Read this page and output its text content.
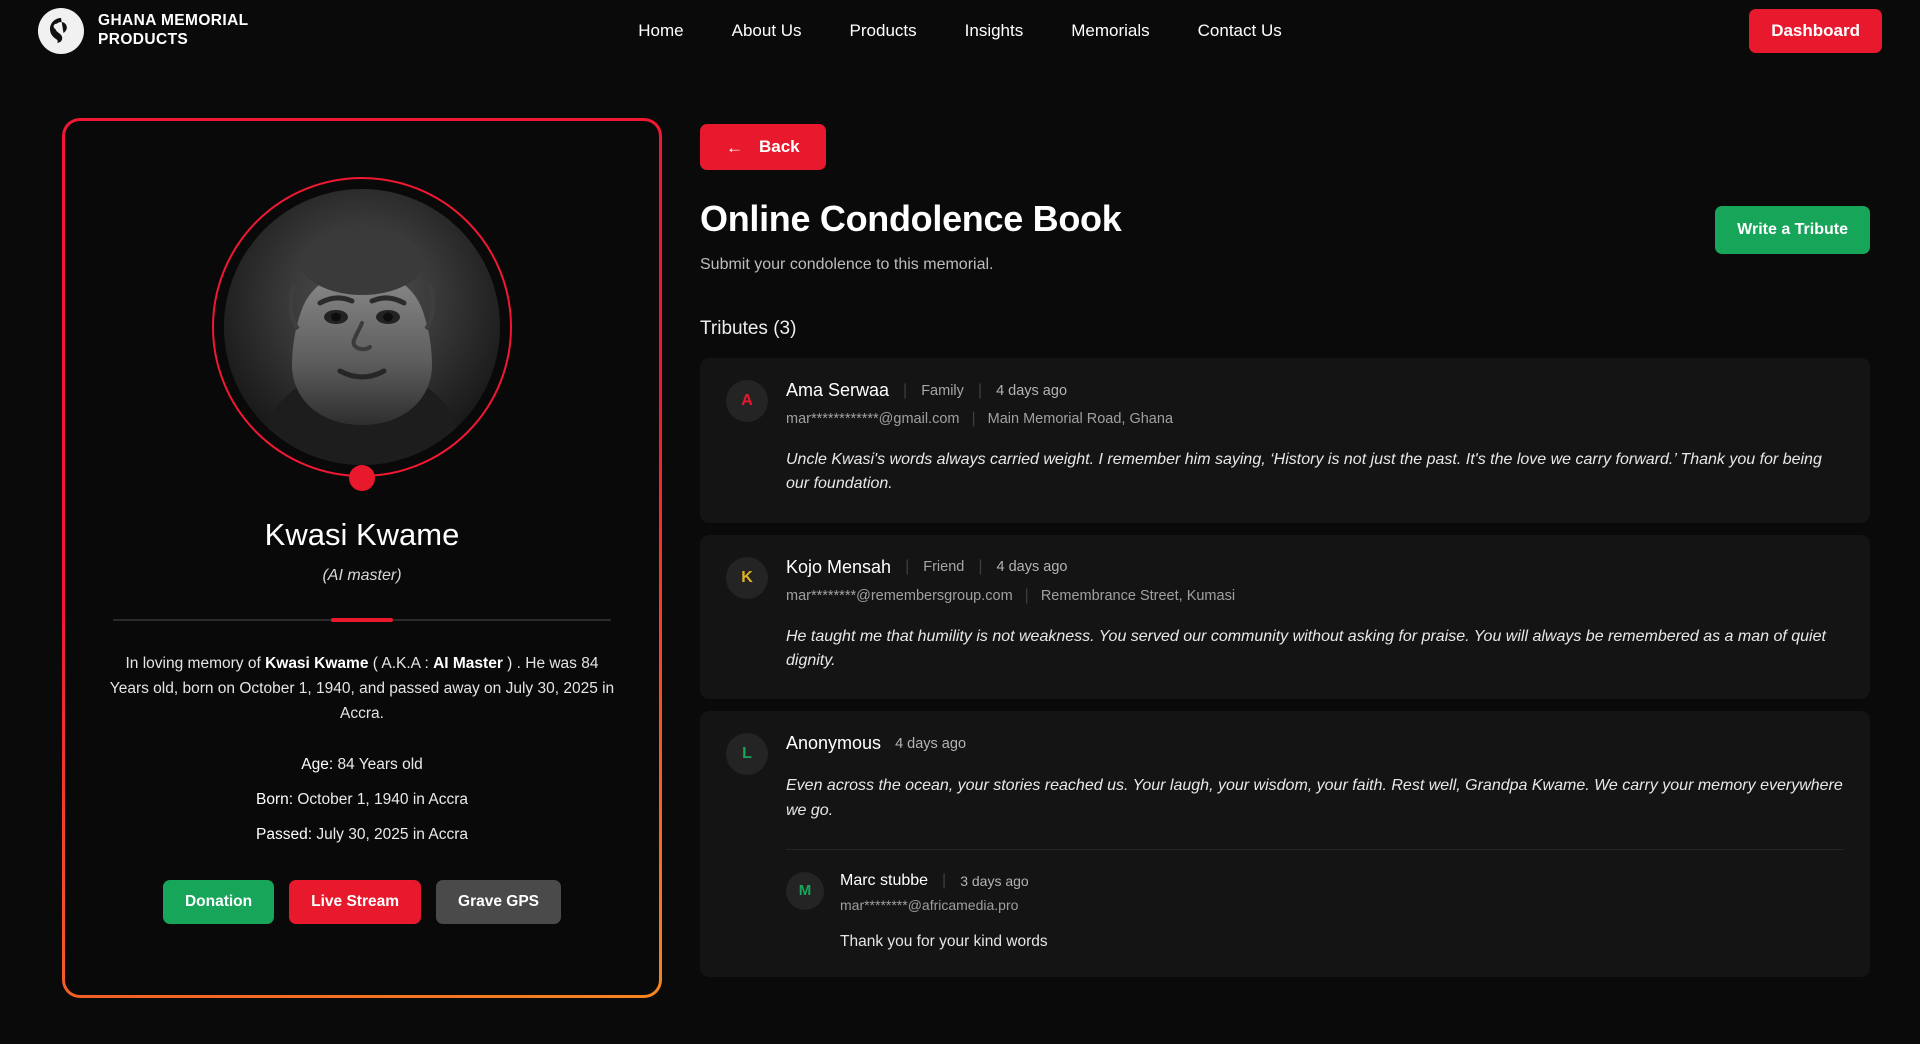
GHANA MEMORIAL PRODUCTS	Home	About Us	Products	Insights	Memorials	Contact Us	Dashboard
Kwasi Kwame
(AI master)

In loving memory of Kwasi Kwame ( A.K.A : AI Master ) . He was 84 Years old, born on October 1, 1940, and passed away on July 30, 2025 in Accra.

Age: 84 Years old
Born: October 1, 1940 in Accra
Passed: July 30, 2025 in Accra
Donation	Live Stream	Grave GPS
← Back
Online Condolence Book
Submit your condolence to this memorial.
Write a Tribute
Tributes (3)
A
Ama Serwaa | Family | 4 days ago
mar************@gmail.com | Main Memorial Road, Ghana
Uncle Kwasi's words always carried weight. I remember him saying, ‘History is not just the past. It's the love we carry forward.’ Thank you for being our foundation.
K
Kojo Mensah | Friend | 4 days ago
mar********@remembersgroup.com | Remembrance Street, Kumasi
He taught me that humility is not weakness. You served our community without asking for praise. You will always be remembered as a man of quiet dignity.
L
Anonymous 4 days ago
Even across the ocean, your stories reached us. Your laugh, your wisdom, your faith. Rest well, Grandpa Kwame. We carry your memory everywhere we go.
M
Marc stubbe | 3 days ago
mar********@africamedia.pro
Thank you for your kind words
